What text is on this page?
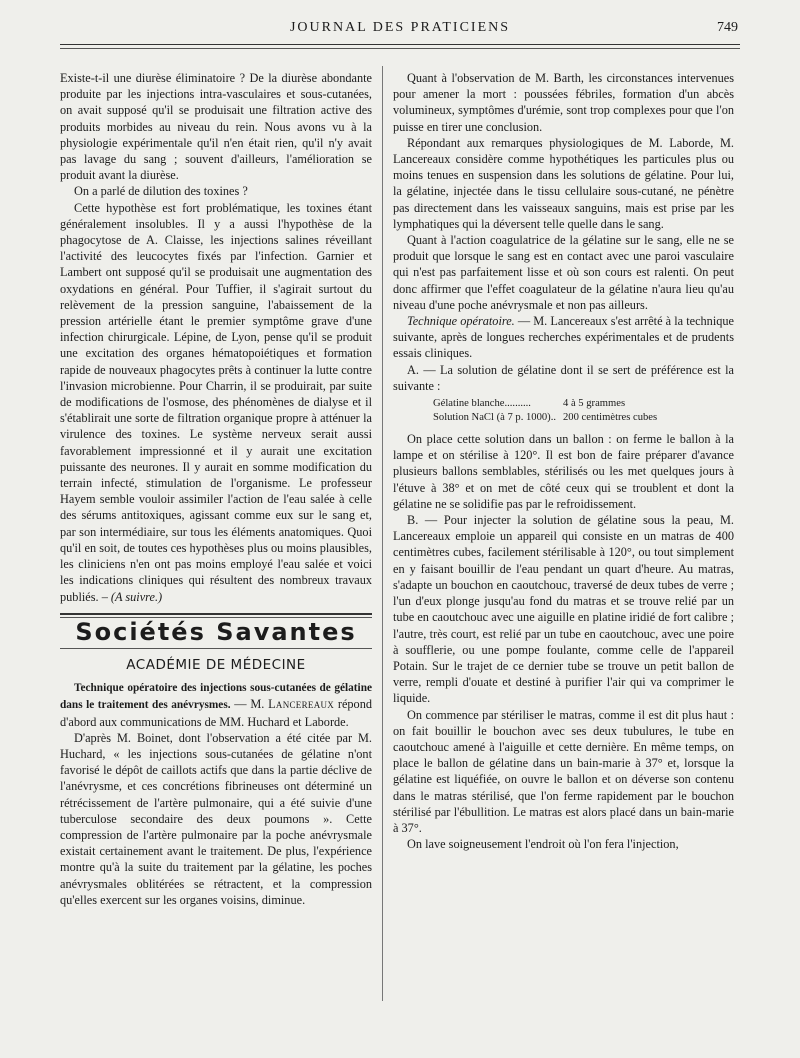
JOURNAL DES PRATICIENS	749

Existe-t-il une diurèse éliminatoire ? De la diurèse abondante produite par les injections intra-vasculaires et sous-cutanées, on avait supposé qu'il se produisait une filtration active des produits morbides au niveau du rein. Nous avons vu à la physiologie expérimentale qu'il n'en était rien, qu'il n'y avait pas lavage du sang ; souvent d'ailleurs, l'amélioration se produit avant la diurèse.

On a parlé de dilution des toxines ?

Cette hypothèse est fort problématique, les toxines étant généralement insolubles. Il y a aussi l'hypothèse de la phagocytose de A. Claisse, les injections salines réveillant l'activité des leucocytes fixés par l'infection. Garnier et Lambert ont supposé qu'il se produisait une augmentation des oxydations en général. Pour Tuffier, il s'agirait surtout du relèvement de la pression sanguine, l'abaissement de la pression artérielle étant le premier symptôme grave d'une infection chirurgicale. Lépine, de Lyon, pense qu'il se produit une excitation des organes hématopoiétiques et formation rapide de nouveaux phagocytes prêts à continuer la lutte contre l'invasion microbienne. Pour Charrin, il se produirait, par suite de modifications de l'osmose, des phénomènes de dialyse et il s'établirait une sorte de filtration organique propre à atténuer la virulence des toxines. Le système nerveux serait aussi favorablement impressionné et il y aurait une excitation puissante des neurones. Il y aurait en somme modification du terrain infecté, stimulation de l'organisme. Le professeur Hayem semble vouloir assimiler l'action de l'eau salée à celle des sérums antitoxiques, agissant comme eux sur le sang et, par son intermédiaire, sur tous les éléments anatomiques. Quoi qu'il en soit, de toutes ces hypothèses plus ou moins plausibles, les cliniciens n'en ont pas moins employé l'eau salée et voici les indications cliniques qui résultent des nombreux travaux publiés. – (A suivre.)

Sociétés Savantes
ACADÉMIE DE MÉDECINE

Technique opératoire des injections sous-cutanées de gélatine dans le traitement des anévrysmes. — M. Lancereaux répond d'abord aux communications de MM. Huchard et Laborde.

D'après M. Boinet, dont l'observation a été citée par M. Huchard, « les injections sous-cutanées de gélatine n'ont favorisé le dépôt de caillots actifs que dans la partie déclive de l'anévrysme, et ces concrétions fibrineuses ont déterminé un rétrécissement de l'artère pulmonaire, qui a été suivie d'une tuberculose secondaire des deux poumons ». Cette compression de l'artère pulmonaire par la poche anévrysmale existait certainement avant le traitement. De plus, l'expérience montre qu'à la suite du traitement par la gélatine, les poches anévrysmales oblitérées se rétractent, et la compression qu'elles exercent sur les organes voisins, diminue.

Quant à l'observation de M. Barth, les circonstances intervenues pour amener la mort : poussées fébriles, formation d'un abcès volumineux, symptômes d'urémie, sont trop complexes pour que l'on puisse en tirer une conclusion.

Répondant aux remarques physiologiques de M. Laborde, M. Lancereaux considère comme hypothétiques les particules plus ou moins tenues en suspension dans les solutions de gélatine. Pour lui, la gélatine, injectée dans le tissu cellulaire sous-cutané, ne pénètre pas directement dans les vaisseaux sanguins, mais est prise par les lymphatiques qui la déversent telle quelle dans le sang.

Quant à l'action coagulatrice de la gélatine sur le sang, elle ne se produit que lorsque le sang est en contact avec une paroi vasculaire qui n'est pas parfaitement lisse et où son cours est ralenti. On peut donc affirmer que l'effet coagulateur de la gélatine n'aura lieu qu'au niveau d'une poche anévrysmale et non pas ailleurs.

Technique opératoire. — M. Lancereaux s'est arrêté à la technique suivante, après de longues recherches expérimentales et de prudents essais cliniques.

A. — La solution de gélatine dont il se sert de préférence est la suivante :

Gélatine blanche..........	4 à 5 grammes
Solution NaCl (à 7 p. 1000).. 200 centimètres cubes

On place cette solution dans un ballon : on ferme le ballon à la lampe et on stérilise à 120°. Il est bon de faire préparer d'avance plusieurs ballons semblables, stérilisés ou les met quelques jours à l'étuve à 38° et on met de côté ceux qui se troublent et dont la gélatine ne se solidifie pas par le refroidissement.

B. — Pour injecter la solution de gélatine sous la peau, M. Lancereaux emploie un appareil qui consiste en un matras de 400 centimètres cubes, facilement stérilisable à 120°, ou tout simplement en y faisant bouillir de l'eau pendant un quart d'heure. Au matras, s'adapte un bouchon en caoutchouc, traversé de deux tubes de verre ; l'un d'eux plonge jusqu'au fond du matras et se trouve relié par un tube en caoutchouc avec une aiguille en platine iridié de fort calibre ; l'autre, très court, est relié par un tube en caoutchouc, avec une poire à soufflerie, ou une pompe foulante, comme celle de l'appareil Potain. Sur le trajet de ce dernier tube se trouve un petit ballon de verre, rempli d'ouate et destiné à purifier l'air qui va comprimer le liquide.

On commence par stériliser le matras, comme il est dit plus haut : on fait bouillir le bouchon avec ses deux tubulures, le tube en caoutchouc amené à l'aiguille et cette dernière. En même temps, on place le ballon de gélatine dans un bain-marie à 37° et, lorsque la gélatine est liquéfiée, on ouvre le ballon et on déverse son contenu dans le matras stérilisé, que l'on ferme rapidement par le bouchon stérilisé par l'ébullition. Le matras est alors placé dans un bain-marie à 37°.

On lave soigneusement l'endroit où l'on fera l'injection,
